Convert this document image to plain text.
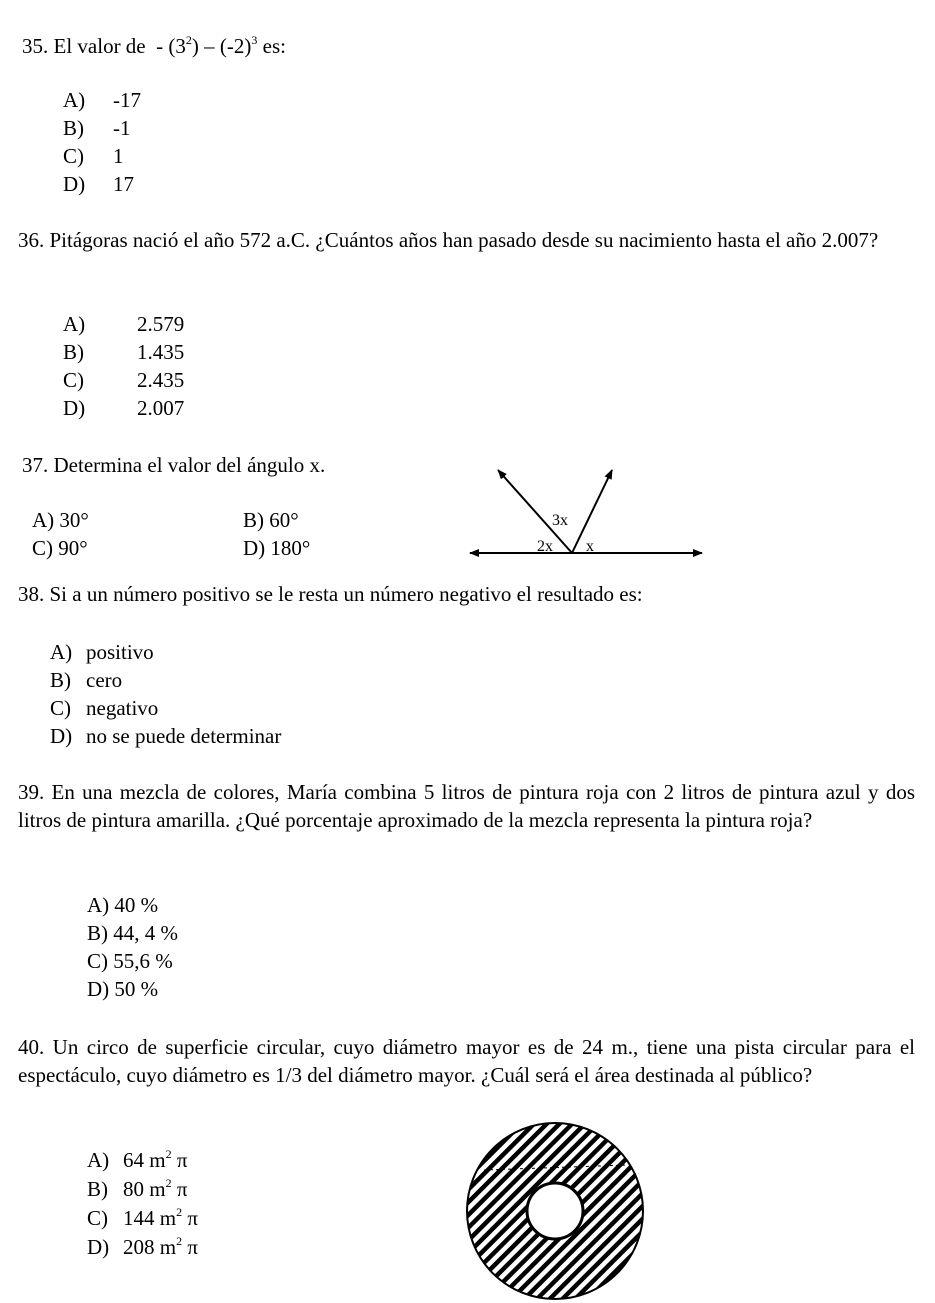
35. El valor de - $(3^2) - (-2)^3$ es:
A) -17
B) -1
C) 1
D) 17
36. Pitágoras nació el año 572 a.C. ¿Cuántos años han pasado desde su nacimiento hasta el año 2.007?
A) 2.579
B)	1.435
C)	2.435
D) 2.007
37. Determina el valor del ángulo x.
A) 30°	B) 60°
C) 90°	D) 180°
3x
2x x
38. Si a un número positivo se le resta un número negativo el resultado es:
A) positivo
B) cero
C) negativo
D) no se puede determinar
39. En una mezcla de colores, María combina 5 litros de pintura roja con 2 litros de pintura azul y dos litros de pintura amarilla. ¿Qué porcentaje aproximado de la mezcla representa la pintura roja?
A) 40 %
B) 44, 4 %
C) 55,6 %
D) 50 %
40. Un circo de superficie circular, cuyo diámetro mayor es de 24 m., tiene una pista circular para el espectáculo, cuyo diámetro es 1/3 del diámetro mayor. ¿Cuál será el área destinada al público?
A) 64 $m^2$ π
B) 80 $m^2$ π
C) 144 $m^2$ π
D) 208 $m^2$ π
